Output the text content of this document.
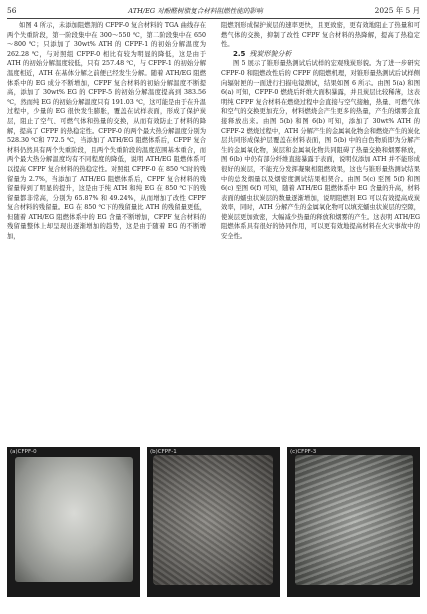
56	ATH/EG 对酚醛树脂复合材料阻燃性能的影响	2025 年 5 月

如图 4 所示，未添加阻燃剂的 CFPF-0 复合材料的 TGA 曲线存在两个失重阶段，第一阶段集中在 300～550 ℃，第二阶段集中在 650～800 ℃；只添加了 30wt% ATH 的 CFPF-1 的初始分解温度为 262.28 ℃，与对照组 CFPF-0 相比有较为明显的降低，这是由于 ATH 的初始分解温度较低，只有 257.48 ℃，与 CFPF-1 的初始分解温度相近，ATH 在基体分解之前便已经发生分解。随着 ATH/EG 阻燃体系中的 EG 成分不断增加，CFPF 复合材料的初始分解温度不断提高，添加了 30wt% EG 的 CFPF-5 的初始分解温度提高到 383.56 ℃，然而纯 EG 的初始分解温度只有 191.03 ℃，这可能是由于在升温过程中，少量的 EG 很快发生膨胀，覆盖在试样表面，形成了保护炭层，阻止了空气、可燃气体和热量的交换，从而有效防止了材料的降解，提高了 CFPF 的热稳定性。CFPF-0 的两个最大热分解温度分别为 528.30 ℃和 772.5 ℃，当添加了 ATH/EG 阻燃体系后，CFPF 复合材料仍然具有两个失重阶段，且两个失重阶段的温度范围基本重合，而两个最大热分解温度均有不同程度的降低，说明 ATH/EG 阻燃体系可以提高 CFPF 复合材料的热稳定性。对照组 CFPF-0 在 850 ℃时的残留量为 2.7%，当添加了 ATH/EG 阻燃体系后，CFPF 复合材料的残留量得到了明显的提升，这是由于纯 ATH 和纯 EG 在 850 ℃下的残留量都非常高，分别为 65.87% 和 49.24%，从而增加了改性 CFPF 复合材料的残留量。EG 在 850 ℃下的残留量比 ATH 的残留量更低，但随着 ATH/EG 阻燃体系中的 EG 含量不断增加，CFPF 复合材料的残留量整体上却呈现出逐渐增加的趋势，这是由于随着 EG 的不断增加，

阻燃剂形成保护炭层的速率更快，且更致密，更有效地阻止了热量和可燃气体的交换，抑制了改性 CFPF 复合材料的热降解，提高了热稳定性。

2.5 残炭形貌分析

图 5 展示了锥形量热测试后试样的宏观残炭形貌。为了进一步研究 CFPF-0 和阻燃改性后的 CFPF 的阻燃机理，对锥形量热测试后试样侧向辐射匣的一面进行扫描电镜测试，结果如图 6 所示。由图 5(a) 和图 6(a) 可知，CFPF-0 燃烧后纤维大面积暴露，并且炭层比较稀薄，这表明纯 CFPF 复合材料在燃烧过程中会直接与空气接触，热量、可燃气体和空气的交换更加充分，材料燃烧会产生更多的热量，产生的烟雾会直接释放出来。由图 5(b) 和图 6(b) 可知，添加了 30wt% ATH 的 CFPF-2 燃烧过程中，ATH 分解产生的金属氧化物会和燃烧产生的炭化层共同形成保护层覆盖在材料表面，图 5(b) 中的白色物质即为分解产生的金属氧化物，炭层和金属氧化物共同阻碍了热量交换和烟雾释放，图 6(b) 中仍有部分纤维直接暴露于表面，说明仅添加 ATH 并不能形成很好的炭层，不能充分发挥凝聚相阻燃效果，这也与锥形量热测试结果中的总发烟量以及烟密度测试结果相契合。由图 5(c) 至图 5(f) 和图 6(c) 至图 6(f) 可知，随着 ATH/EG 阻燃体系中 EG 含量的升高，材料表面的蠕虫状炭层的数量逐渐增加，说明阻燃剂 EG 可以有效提高成炭效率，同时，ATH 分解产生的金属氧化物可以填充蠕虫状炭层的空隙，使炭层更加致密，大幅减少热量的释放和烟雾的产生。这表明 ATH/EG 阻燃体系具有很好的协同作用，可以更有效地提高材料在火灾事故中的安全性。

(a)CFPF-0	(b)CFPF-1	(c)CFPF-3
